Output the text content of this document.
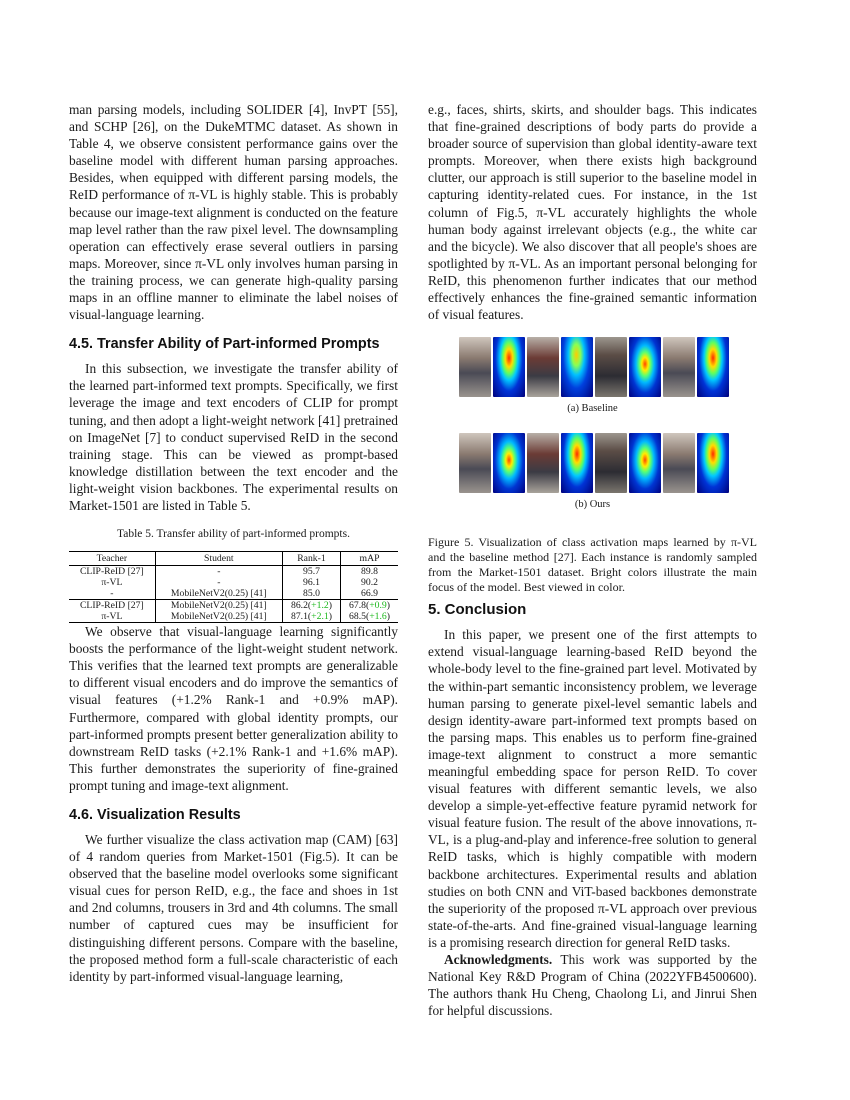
man parsing models, including SOLIDER [4], InvPT [55], and SCHP [26], on the DukeMTMC dataset. As shown in Table 4, we observe consistent performance gains over the baseline model with different human parsing approaches. Besides, when equipped with different parsing models, the ReID performance of π-VL is highly stable. This is probably because our image-text alignment is conducted on the feature map level rather than the raw pixel level. The downsampling operation can effectively erase several outliers in parsing maps. Moreover, since π-VL only involves human parsing in the training process, we can generate high-quality parsing maps in an offline manner to eliminate the label noises of visual-language learning.

4.5. Transfer Ability of Part-informed Prompts

In this subsection, we investigate the transfer ability of the learned part-informed text prompts. Specifically, we first leverage the image and text encoders of CLIP for prompt tuning, and then adopt a light-weight network [41] pretrained on ImageNet [7] to conduct supervised ReID in the second training stage. This can be viewed as prompt-based knowledge distillation between the text encoder and the light-weight vision backbones. The experimental results on Market-1501 are listed in Table 5.

Table 5. Transfer ability of part-informed prompts.
Teacher	Student	Rank-1	mAP
CLIP-ReID [27]	-	95.7	89.8
π-VL	-	96.1	90.2
-	MobileNetV2(0.25) [41]	85.0	66.9
CLIP-ReID [27]	MobileNetV2(0.25) [41]	86.2(+1.2)	67.8(+0.9)
π-VL	MobileNetV2(0.25) [41]	87.1(+2.1)	68.5(+1.6)

We observe that visual-language learning significantly boosts the performance of the light-weight student network. This verifies that the learned text prompts are generalizable to different visual encoders and do improve the semantics of visual features (+1.2% Rank-1 and +0.9% mAP). Furthermore, compared with global identity prompts, our part-informed prompts present better generalization ability to downstream ReID tasks (+2.1% Rank-1 and +1.6% mAP). This further demonstrates the superiority of fine-grained prompt tuning and image-text alignment.

4.6. Visualization Results

We further visualize the class activation map (CAM) [63] of 4 random queries from Market-1501 (Fig.5). It can be observed that the baseline model overlooks some significant visual cues for person ReID, e.g., the face and shoes in 1st and 2nd columns, trousers in 3rd and 4th columns. The small number of captured cues may be insufficient for distinguishing different persons. Compare with the baseline, the proposed method form a full-scale characteristic of each identity by part-informed visual-language learning,

e.g., faces, shirts, skirts, and shoulder bags. This indicates that fine-grained descriptions of body parts do provide a broader source of supervision than global identity-aware text prompts. Moreover, when there exists high background clutter, our approach is still superior to the baseline model in capturing identity-related cues. For instance, in the 1st column of Fig.5, π-VL accurately highlights the whole human body against irrelevant objects (e.g., the white car and the bicycle). We also discover that all people's shoes are spotlighted by π-VL. As an important personal belonging for ReID, this phenomenon further indicates that our method effectively enhances the fine-grained semantic information of visual features.

(a) Baseline
(b) Ours
Figure 5. Visualization of class activation maps learned by π-VL and the baseline method [27]. Each instance is randomly sampled from the Market-1501 dataset. Bright colors illustrate the main focus of the model. Best viewed in color.
5. Conclusion

In this paper, we present one of the first attempts to extend visual-language learning-based ReID beyond the whole-body level to the fine-grained part level. Motivated by the within-part semantic inconsistency problem, we leverage human parsing to generate pixel-level semantic labels and design identity-aware part-informed text prompts based on the parsing maps. This enables us to perform fine-grained image-text alignment to construct a more semantic meaningful embedding space for person ReID. To cover visual features with different semantic levels, we also develop a simple-yet-effective feature pyramid network for visual feature fusion. The result of the above innovations, π-VL, is a plug-and-play and inference-free solution to general ReID tasks, which is highly compatible with modern backbone architectures. Experimental results and ablation studies on both CNN and ViT-based backbones demonstrate the superiority of the proposed π-VL approach over previous state-of-the-arts. And fine-grained visual-language learning is a promising research direction for general ReID tasks.

Acknowledgments. This work was supported by the National Key R&D Program of China (2022YFB4500600). The authors thank Hu Cheng, Chaolong Li, and Jinrui Shen for helpful discussions.
